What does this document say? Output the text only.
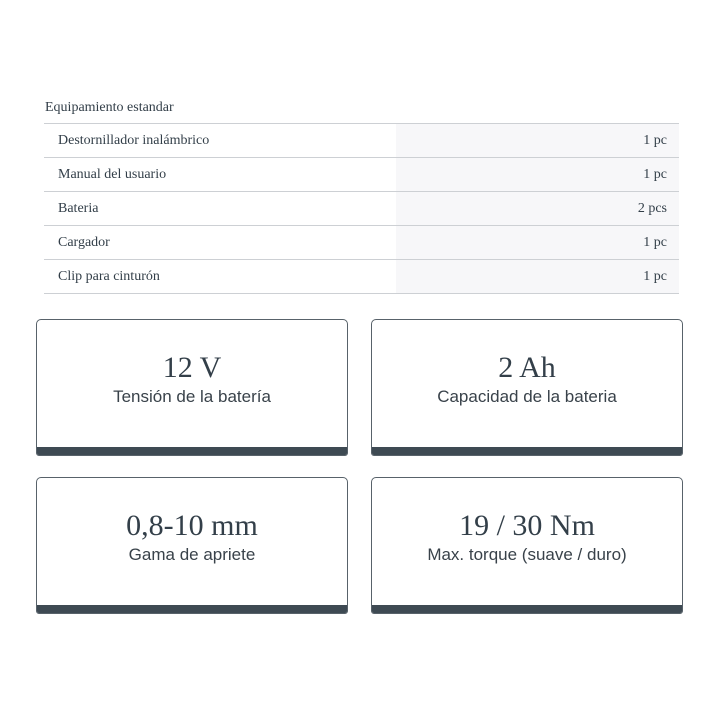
Equipamiento estandar
Destornillador inalámbrico	1 pc
Manual del usuario	1 pc
Bateria	2 pcs
Cargador	1 pc
Clip para cinturón	1 pc
12 V
Tensión de la batería
2 Ah
Capacidad de la bateria
0,8-10 mm
Gama de apriete
19 / 30 Nm
Max. torque (suave / duro)
